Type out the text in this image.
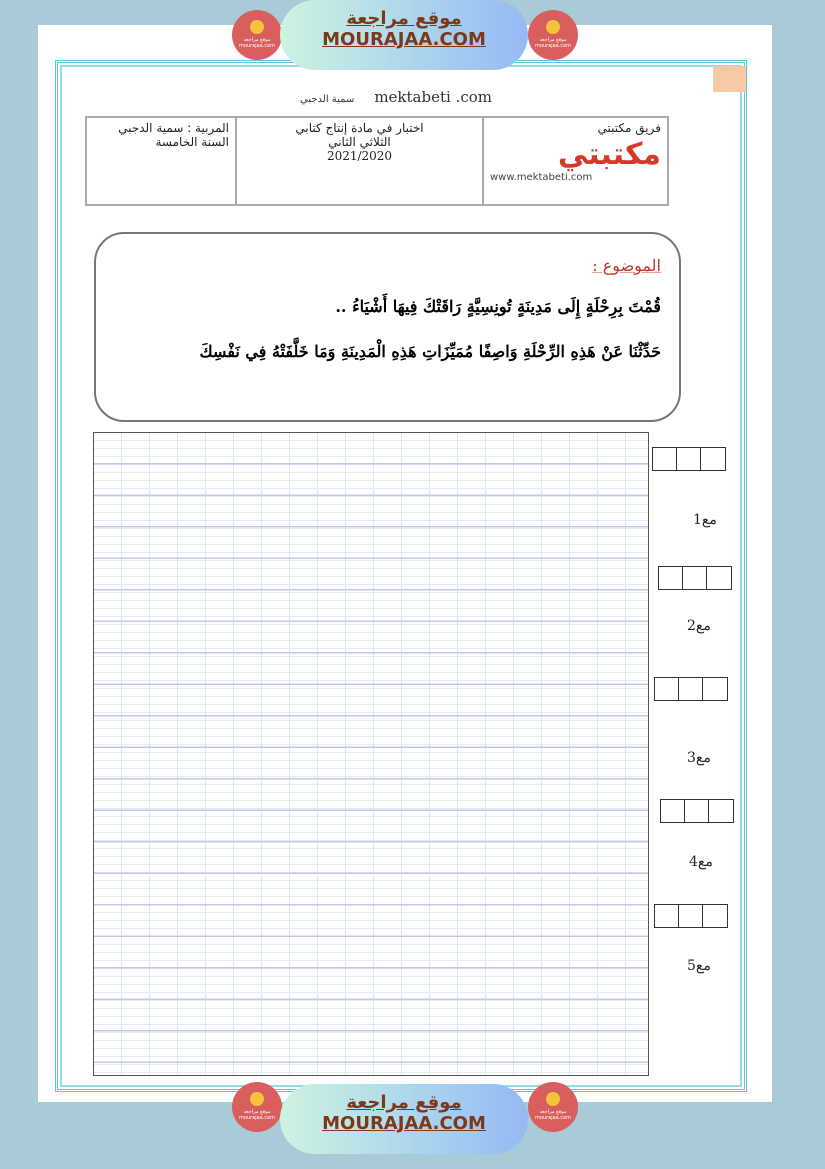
موقع مراجعة mourajaa.com
موقع مراجعة mourajaa.com
موقع مراجعة
MOURAJAA.COM
موقع مراجعة mourajaa.com
موقع مراجعة mourajaa.com
موقع مراجعة
MOURAJAA.COM
سمية الدجبي mektabeti .com
فريق مكتبتي
مكتبتي
www.mektabeti.com

اختبار في مادة إنتاج كتابي
الثلاثي الثاني
2021/2020

المربية : سمية الدجبي
السنة الخامسة
الموضوع :
قُمْتَ بِرِحْلَةٍ إِلَى مَدِينَةٍ تُونِسِيَّةٍ رَاقَتْكَ فِيهَا أَشْيَاءُ ..
حَدِّثْنَا عَنْ هَذِهِ الرِّحْلَةِ وَاصِفًا مُمَيِّزَاتِ هَذِهِ الْمَدِينَةِ وَمَا خَلَّفَتْهُ فِي نَفْسِكَ
مع1
مع2
مع3
مع4
مع5
